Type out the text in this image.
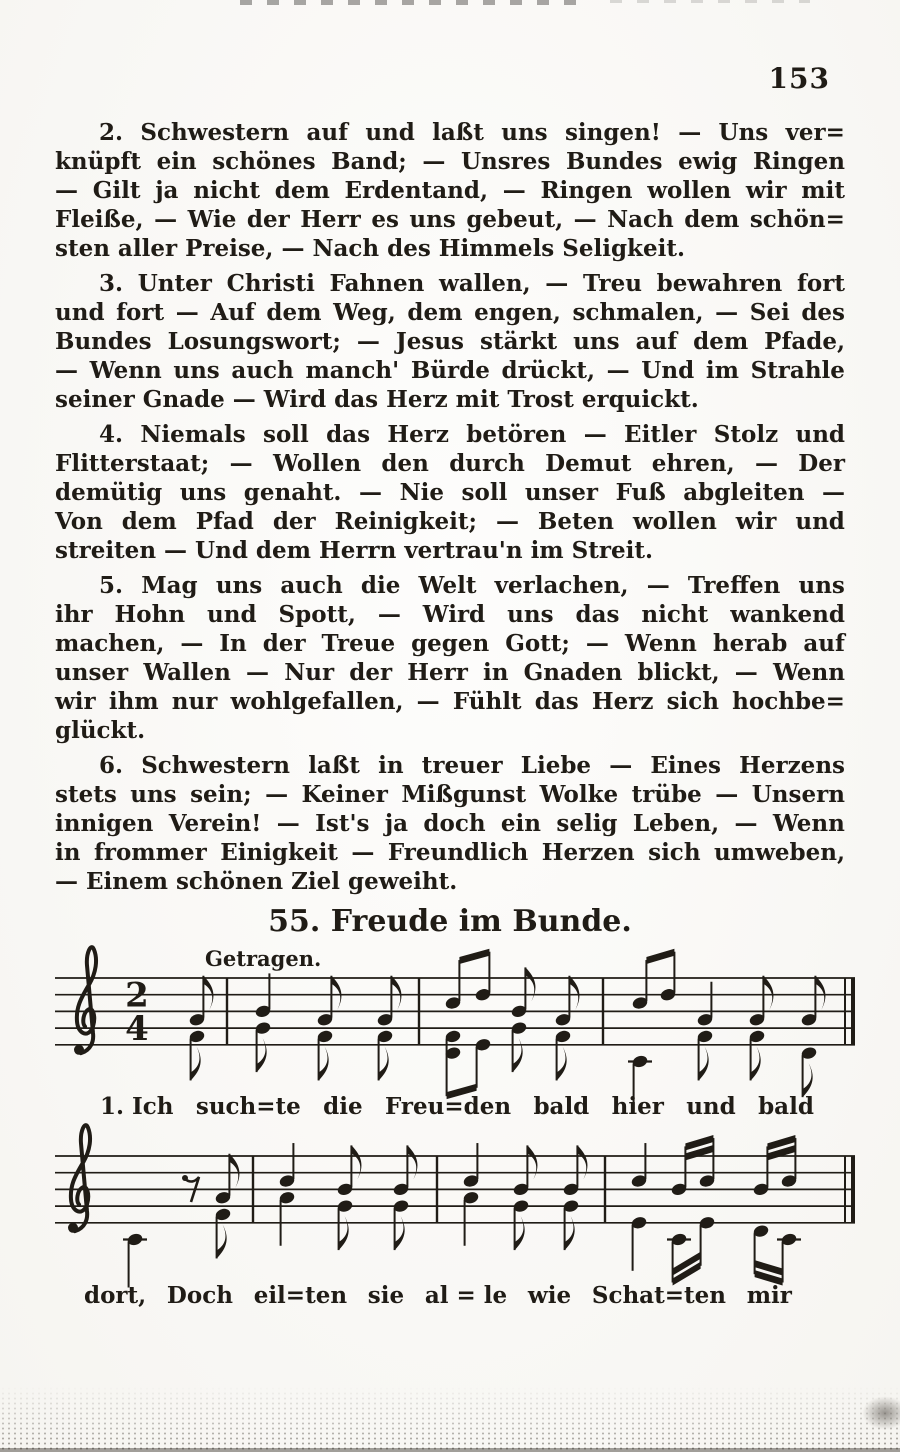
153
2. Schwestern auf und laßt uns singen! — Uns ver=
knüpft ein schönes Band; — Unsres Bundes ewig Ringen
— Gilt ja nicht dem Erdentand, — Ringen wollen wir mit
Fleiße, — Wie der Herr es uns gebeut, — Nach dem schön=
sten aller Preise, — Nach des Himmels Seligkeit.
3. Unter Christi Fahnen wallen, — Treu bewahren fort
und fort — Auf dem Weg, dem engen, schmalen, — Sei des
Bundes Losungswort; — Jesus stärkt uns auf dem Pfade,
— Wenn uns auch manch' Bürde drückt, — Und im Strahle
seiner Gnade — Wird das Herz mit Trost erquickt.
4. Niemals soll das Herz betören — Eitler Stolz und
Flitterstaat; — Wollen den durch Demut ehren, — Der
demütig uns genaht. — Nie soll unser Fuß abgleiten —
Von dem Pfad der Reinigkeit; — Beten wollen wir und
streiten — Und dem Herrn vertrau'n im Streit.
5. Mag uns auch die Welt verlachen, — Treffen uns
ihr Hohn und Spott, — Wird uns das nicht wankend
machen, — In der Treue gegen Gott; — Wenn herab auf
unser Wallen — Nur der Herr in Gnaden blickt, — Wenn
wir ihm nur wohlgefallen, — Fühlt das Herz sich hochbe=
glückt.
6. Schwestern laßt in treuer Liebe — Eines Herzens
stets uns sein; — Keiner Mißgunst Wolke trübe — Unsern
innigen Verein! — Ist's ja doch ein selig Leben, — Wenn
in frommer Einigkeit — Freundlich Herzen sich umweben,
— Einem schönen Ziel geweiht.
55. Freude im Bunde.
Getragen.
2
4
1. Ich such=te die Freu=den bald hier und bald
dort, Doch eil=ten sie al = le wie Schat=ten mir
